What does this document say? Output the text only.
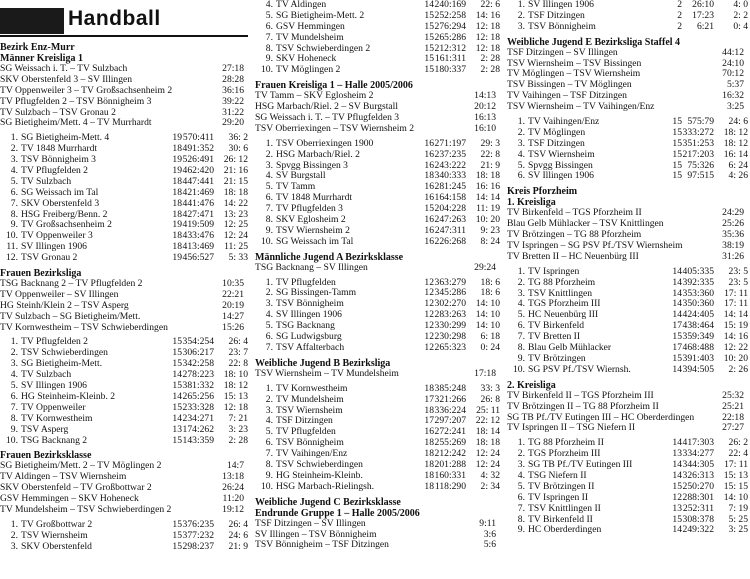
Handball
Bezirk Enz-Murr
Männer Kreisliga 1
SG Weissach i. T. – TV Sulzbach	27:18
SKV Oberstenfeld 3 – SV Illingen	28:28
TV Oppenweiler 3 – TV Großsachsenheim 2	36:16
TV Pflugfelden 2 – TSV Bönnigheim 3	39:22
TV Sulzbach – TSV Gronau 2	31:22
SG Bietigheim/Mett. 4 – TV Murrhardt	29:20
1. SG Bietigheim-Mett. 4	19 570:411 36: 2
2. TV 1848 Murrhardt	18 491:352 30: 6
3. TSV Bönnigheim 3	19 526:491 26: 12
4. TV Pflugfelden 2	19 462:420 21: 16
5. TV Sulzbach	18 447:441 21: 15
6. SG Weissach im Tal	18 421:469 18: 18
7. SKV Oberstenfeld 3	18 441:476 14: 22
8. HSG Freiberg/Benn. 2	18 427:471 13: 23
9. TV Großsachsenheim 2	19 419:509 12: 25
10. TV Oppenweiler 3	18 433:476 12: 24
11. SV Illingen 1906	18 413:469 11: 25
12. TSV Gronau 2	19 456:527 5: 33
Frauen Bezirksliga
TSG Backnang 2 – TV Pflugfelden 2	10:35
TV Oppenweiler – SV Illingen	22:21
HG Steinh/Klein 2 – TSV Asperg	20:19
TV Sulzbach – SG Bietigheim/Mett.	14:27
TV Kornwestheim – TSV Schwieberdingen	15:26
1. TV Pflugfelden 2	15 354:254 26: 4
2. TSV Schwieberdingen	15 306:217 23: 7
3. SG Bietigheim-Mett.	15 342:258 22: 8
4. TV Sulzbach	14 278:223 18: 10
5. SV Illingen 1906	15 381:332 18: 12
6. HG Steinheim-Kleinb. 2	14 265:256 15: 13
7. TV Oppenweiler	15 233:328 12: 18
8. TV Kornwestheim	14 234:271 7: 21
9. TSV Asperg	13 174:262 3: 23
10. TSG Backnang 2	15 143:359 2: 28
Frauen Bezirksklasse
SG Bietigheim/Mett. 2 – TV Möglingen 2	14:7
TV Aldingen – TSV Wiernsheim	13:18
SKV Oberstenfeld – TV Großbottwar 2	26:24
GSV Hemmingen – SKV Hoheneck	11:20
TV Mundelsheim – TSV Schwieberdingen 2	19:12
1. TV Großbottwar 2	15 376:235 26: 4
2. TSV Wiernsheim	15 377:232 24: 6
3. SKV Oberstenfeld	15 298:237 21: 9
4. TV Aldingen	14 240:169 22: 6
5. SG Bietigheim-Mett. 2	15 252:258 14: 16
6. GSV Hemmingen	15 276:294 12: 18
7. TV Mundelsheim	15 265:286 12: 18
8. TSV Schwieberdingen 2	15 212:312 12: 18
9. SKV Hoheneck	15 161:311 2: 28
10. TV Möglingen 2	15 180:337 2: 28
Frauen Kreisliga 1 – Halle 2005/2006
TV Tamm – SKV Eglosheim 2	14:13
HSG Marbach/Riel. 2 – SV Burgstall	20:12
SG Weissach i. T. – TV Pflugfelden 3	16:13
TSV Oberriexingen – TSV Wiernsheim 2	16:10
1. TSV Oberriexingen 1900	16 271:197 29: 3
2. HSG Marbach/Riel. 2	16 237:235 22: 8
3. Spvgg Bissingen 3	16 243:222 21: 9
4. SV Burgstall	18 340:333 18: 18
5. TV Tamm	16 281:245 16: 16
6. TV 1848 Murrhardt	16 164:158 14: 14
7. TV Pflugfelden 3	15 204:228 11: 19
8. SKV Eglosheim 2	16 247:263 10: 20
9. TSV Wiernsheim 2	16 247:311 9: 23
10. SG Weissach im Tal	16 226:268 8: 24
Männliche Jugend A Bezirksklasse
TSG Backnang – SV Illingen	29:24
1. TV Pflugfelden	12 363:279 18: 6
2. SG Bissingen-Tamm	12 345:286 18: 6
3. TSV Bönnigheim	12 302:270 14: 10
4. SV Illingen 1906	12 283:263 14: 10
5. TSG Backnang	12 330:299 14: 10
6. SG Ludwigsburg	12 230:298 6: 18
7. TSV Affalterbach	12 265:323 0: 24
Weibliche Jugend B Bezirksliga
TSV Wiernsheim – TV Mundelsheim	17:18
1. TV Kornwestheim	18 385:248 33: 3
2. TV Mundelsheim	17 321:266 26: 8
3. TSV Wiernsheim	18 336:224 25: 11
4. TSF Ditzingen	17 297:207 22: 12
5. TV Pflugfelden	16 272:241 18: 14
6. TSV Bönnigheim	18 255:269 18: 18
7. TV Vaihingen/Enz	18 212:242 12: 24
8. TSV Schwieberdingen	18 201:288 12: 24
9. HG Steinheim-Kleinb.	18 160:331 4: 32
10. HSG Marbach-Rielingsh.	18 118:290 2: 34
Weibliche Jugend C Bezirksklasse
Endrunde Gruppe 1 – Halle 2005/2006
TSF Ditzingen – SV Illingen	9:11
SV Illingen – TSV Bönnigheim	3:6
TSV Bönnigheim – TSF Ditzingen	5:6
1. SV Illingen 1906	2 26:10 4: 0
2. TSF Ditzingen	2 17:23 2: 2
3. TSV Bönnigheim	2 6:21 0: 4
Weibliche Jugend E Bezirksliga Staffel 4
TSF Ditzingen – SV Illingen	44:12
TSV Wiernsheim – TSV Bissingen	24:10
TV Möglingen – TSV Wiernsheim	70:12
TSV Bissingen – TV Möglingen	5:37
TV Vaihingen – TSF Ditzingen	16:32
TSV Wiernsheim – TV Vaihingen/Enz	3:25
1. TV Vaihingen/Enz	15 575:79 24: 6
2. TV Möglingen	15 333:272 18: 12
3. TSF Ditzingen	15 351:253 18: 12
4. TSV Wiernsheim	15 217:203 16: 14
5. Spvgg Bissingen	15 75:326 6: 24
6. SV Illingen 1906	15 97:515 4: 26
Kreis Pforzheim
1. Kreisliga
TV Birkenfeld – TGS Pforzheim II	24:29
Blau Gelb Mühlacker – TSV Knittlingen	25:26
TV Brötzingen – TG 88 Pforzheim	35:36
TV Ispringen – SG PSV Pf./TSV Wiernsheim	38:19
TV Bretten II – HC Neuenbürg III	31:26
1. TV Ispringen	14 405:335 23: 5
2. TG 88 Pforzheim	14 392:335 23: 5
3. TSV Knittlingen	14 353:360 17: 11
4. TGS Pforzheim III	14 350:360 17: 11
5. HC Neuenbürg III	14 424:405 14: 14
6. TV Birkenfeld	17 438:464 15: 19
7. TV Bretten II	15 359:349 14: 16
8. Blau Gelb Mühlacker	17 468:488 12: 22
9. TV Brötzingen	15 391:403 10: 20
10. SG PSV Pf./TSV Wiernsh.	14 394:505 2: 26
2. Kreisliga
TV Birkenfeld II – TGS Pforzheim III	25:32
TV Brötzingen II – TG 88 Pforzheim II	25:21
SG TB Pf./TV Eutingen III – HC Oberderdingen	22:18
TV Ispringen II – TSG Niefern II	27:27
1. TG 88 Pforzheim II	14 417:303 26: 2
2. TGS Pforzheim III	13 334:277 22: 4
3. SG TB Pf./TV Eutingen III	14 344:305 17: 11
4. TSG Niefern II	14 326:313 15: 13
5. TV Brötzingen II	15 250:270 15: 15
6. TV Ispringen II	12 288:301 14: 10
7. TSV Knittlingen II	13 252:311 7: 19
8. TV Birkenfeld II	15 308:378 5: 25
9. HC Oberderdingen	14 249:322 3: 25
